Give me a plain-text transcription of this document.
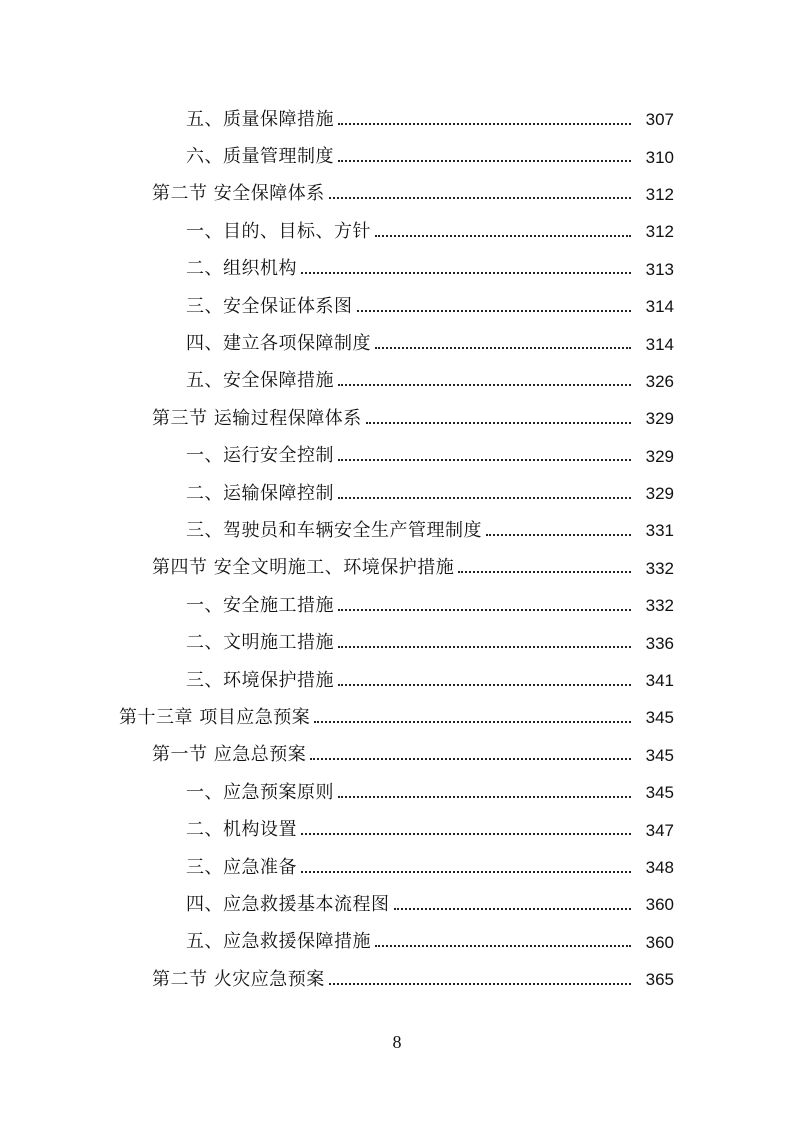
五、质量保障措施	307
六、质量管理制度	310
第二节 安全保障体系	312
一、目的、目标、方针	312
二、组织机构	313
三、安全保证体系图	314
四、建立各项保障制度	314
五、安全保障措施	326
第三节 运输过程保障体系	329
一、运行安全控制	329
二、运输保障控制	329
三、驾驶员和车辆安全生产管理制度	331
第四节 安全文明施工、环境保护措施	332
一、安全施工措施	332
二、文明施工措施	336
三、环境保护措施	341
第十三章 项目应急预案	345
第一节 应急总预案	345
一、应急预案原则	345
二、机构设置	347
三、应急准备	348
四、应急救援基本流程图	360
五、应急救援保障措施	360
第二节 火灾应急预案	365
8
